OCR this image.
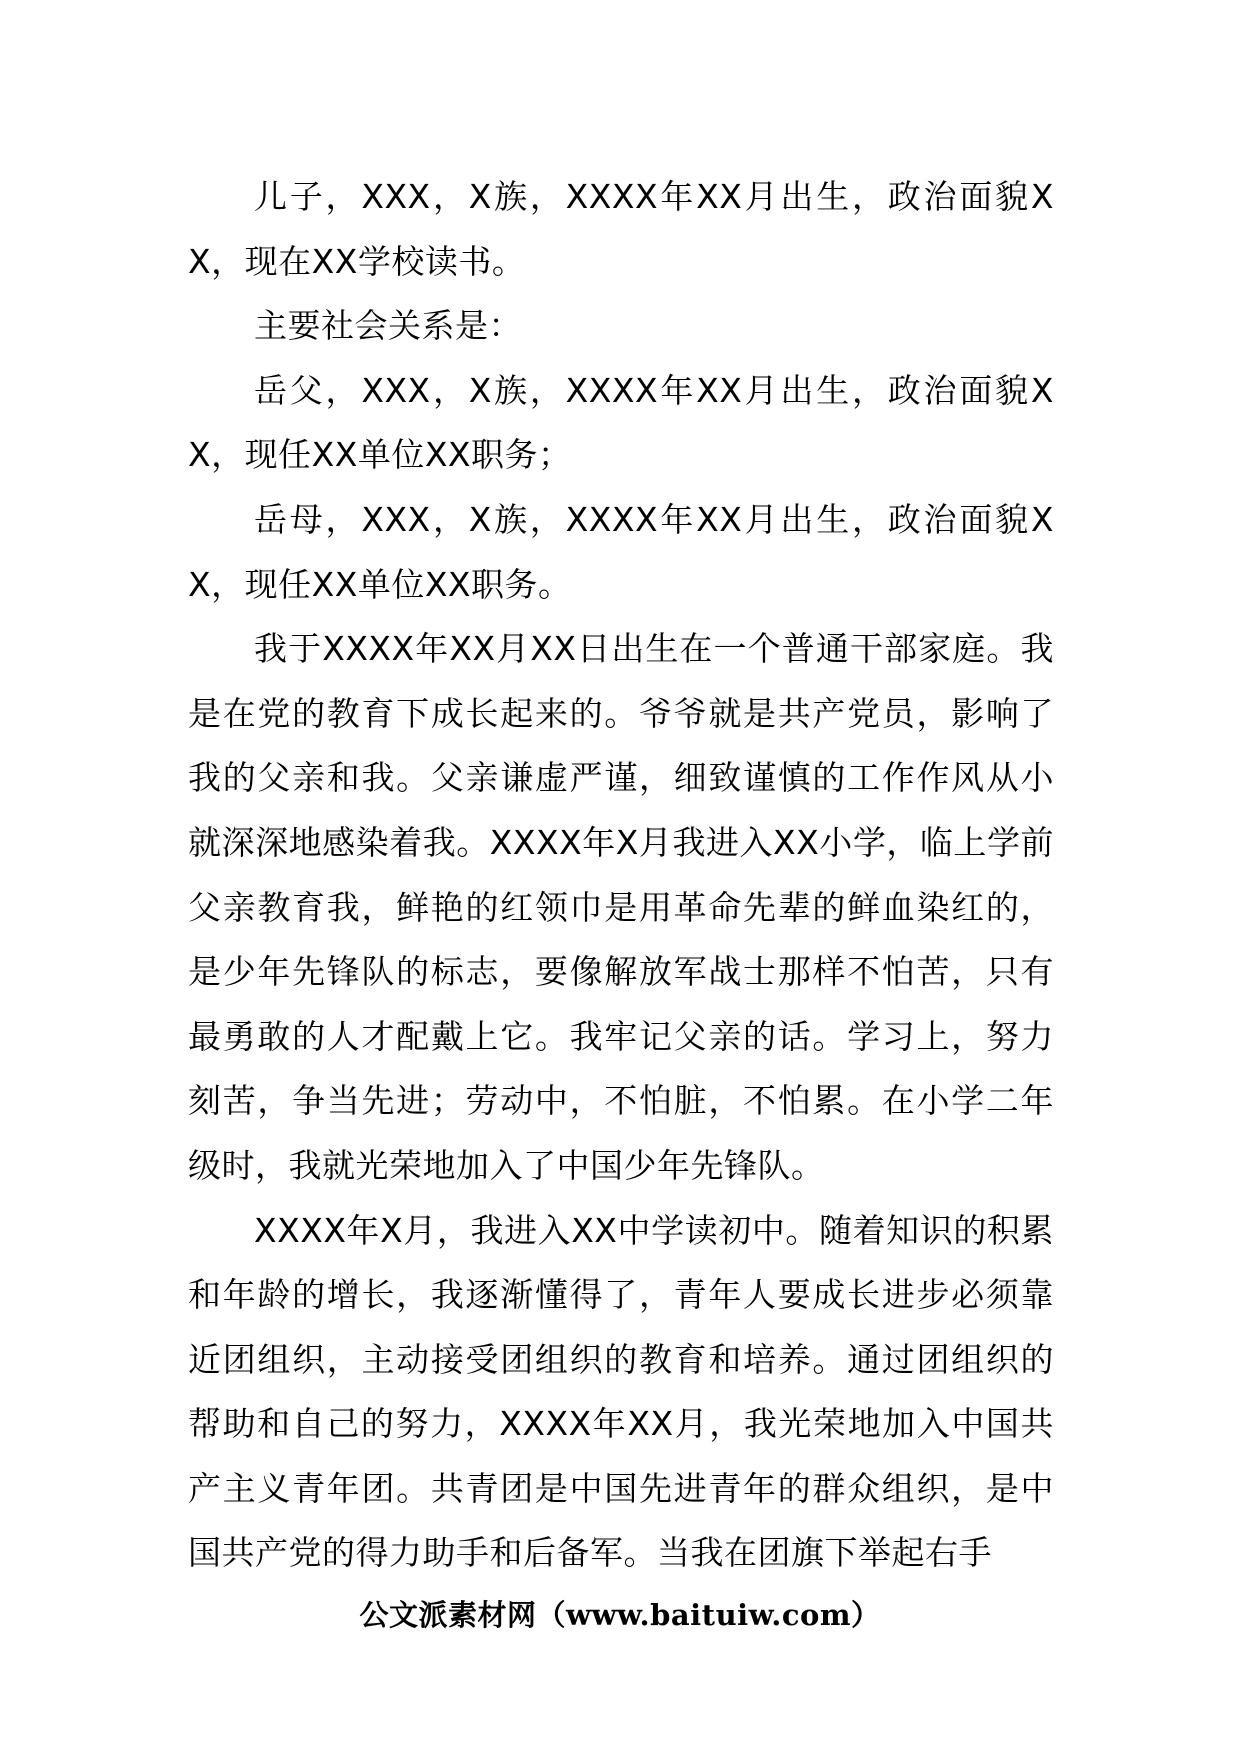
儿子，XXX，X族，XXXX年XX月出生，政治面貌XX，现在XX学校读书。

主要社会关系是：

岳父，XXX，X族，XXXX年XX月出生，政治面貌XX，现任XX单位XX职务；

岳母，XXX，X族，XXXX年XX月出生，政治面貌XX，现任XX单位XX职务。

我于XXXX年XX月XX日出生在一个普通干部家庭。我是在党的教育下成长起来的。爷爷就是共产党员，影响了我的父亲和我。父亲谦虚严谨，细致谨慎的工作作风从小就深深地感染着我。XXXX年X月我进入XX小学，临上学前父亲教育我，鲜艳的红领巾是用革命先辈的鲜血染红的，是少年先锋队的标志，要像解放军战士那样不怕苦，只有最勇敢的人才配戴上它。我牢记父亲的话。学习上，努力刻苦，争当先进；劳动中，不怕脏，不怕累。在小学二年级时，我就光荣地加入了中国少年先锋队。

XXXX年X月，我进入XX中学读初中。随着知识的积累和年龄的增长，我逐渐懂得了，青年人要成长进步必须靠近团组织，主动接受团组织的教育和培养。通过团组织的帮助和自己的努力，XXXX年XX月，我光荣地加入中国共产主义青年团。共青团是中国先进青年的群众组织，是中国共产党的得力助手和后备军。当我在团旗下举起右手

公文派素材网（www.baituiw.com）
